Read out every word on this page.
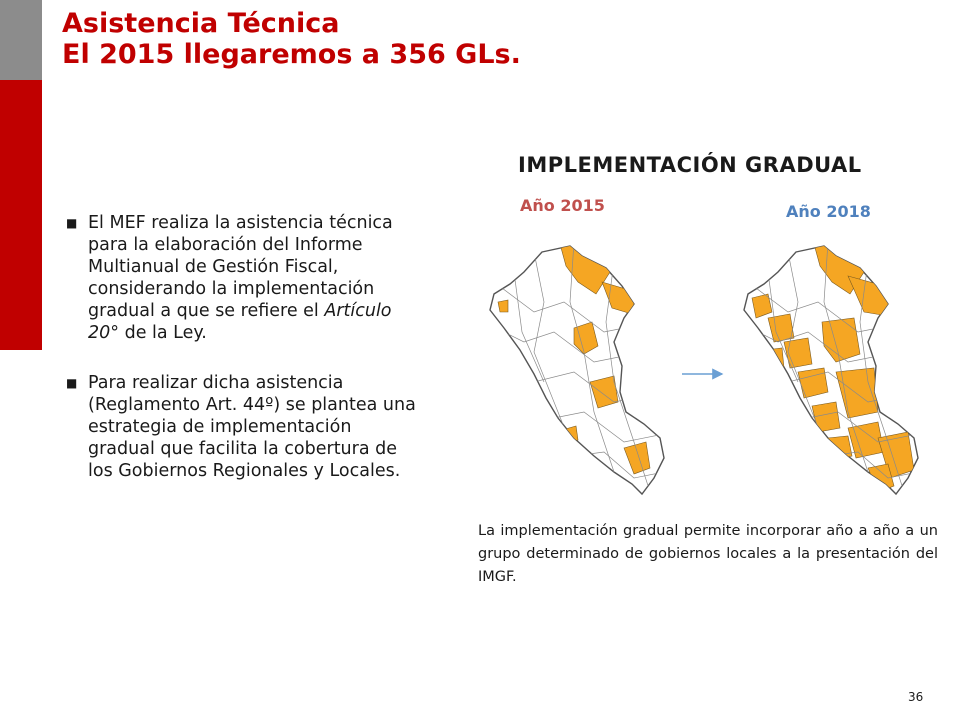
Asistencia Técnica
El 2015 llegaremos a 356 GLs.
■ El MEF realiza la asistencia técnica para la elaboración del Informe Multianual de Gestión Fiscal, considerando la implementación gradual a que se refiere el Artículo 20° de la Ley.
■ Para realizar dicha asistencia (Reglamento Art. 44º) se plantea una estrategia de implementación gradual que facilita la cobertura de los Gobiernos Regionales y Locales.
IMPLEMENTACIÓN GRADUAL
Año 2015	Año 2018

La implementación gradual permite incorporar año a año a un grupo determinado de gobiernos locales a la presentación del IMGF.

36
